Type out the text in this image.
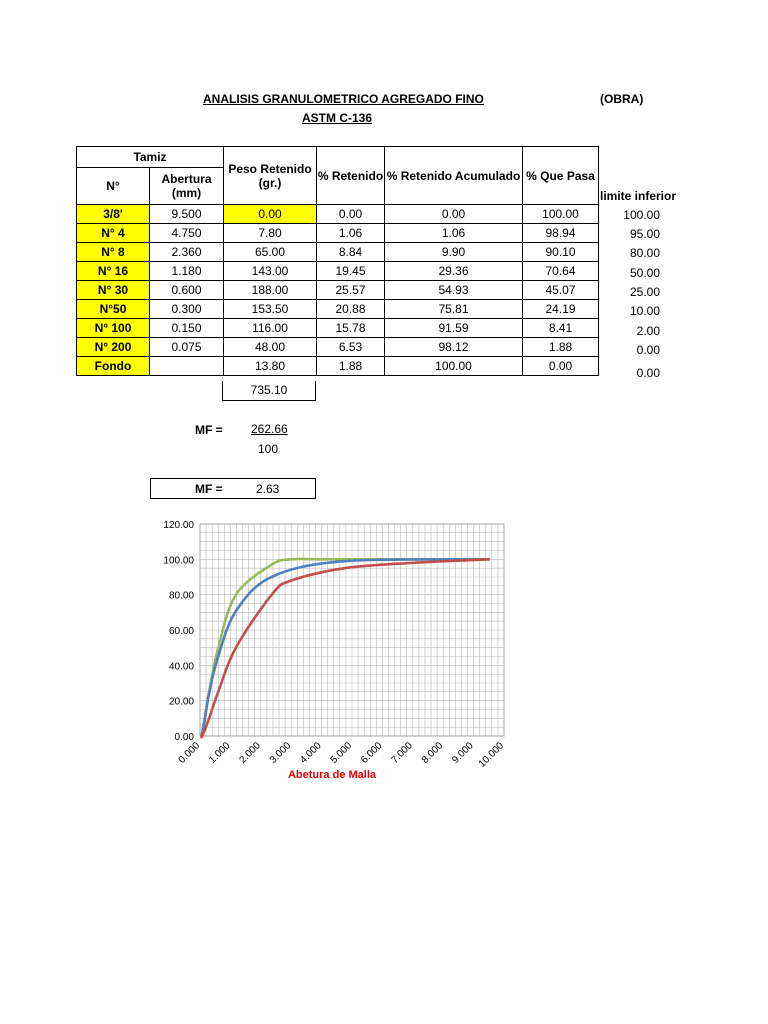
ANALISIS GRANULOMETRICO AGREGADO FINO
ASTM C-136
(OBRA)
Tamiz		Peso Retenido (gr.)	% Retenido	% Retenido Acumulado	% Que Pasa
N°	Abertura (mm)				
3/8'	9.500	0.00	0.00	0.00	100.00
N° 4	4.750	7.80	1.06	1.06	98.94
N° 8	2.360	65.00	8.84	9.90	90.10
N° 16	1.180	143.00	19.45	29.36	70.64
N° 30	0.600	188.00	25.57	54.93	45.07
N°50	0.300	153.50	20.88	75.81	24.19
N° 100	0.150	116.00	15.78	91.59	8.41
N° 200	0.075	48.00	6.53	98.12	1.88
Fondo		13.80	1.88	100.00	0.00
735.10
limite inferior
100.00
95.00
80.00
50.00
25.00
10.00
2.00
0.00
0.00
MF = 262.66
100
MF =	2.63
0.00
20.00
40.00
60.00
80.00
100.00
120.00
0.000 1.000 2.000 3.000 4.000 5.000 6.000 7.000 8.000 9.000 10.000
Abetura de Malla
